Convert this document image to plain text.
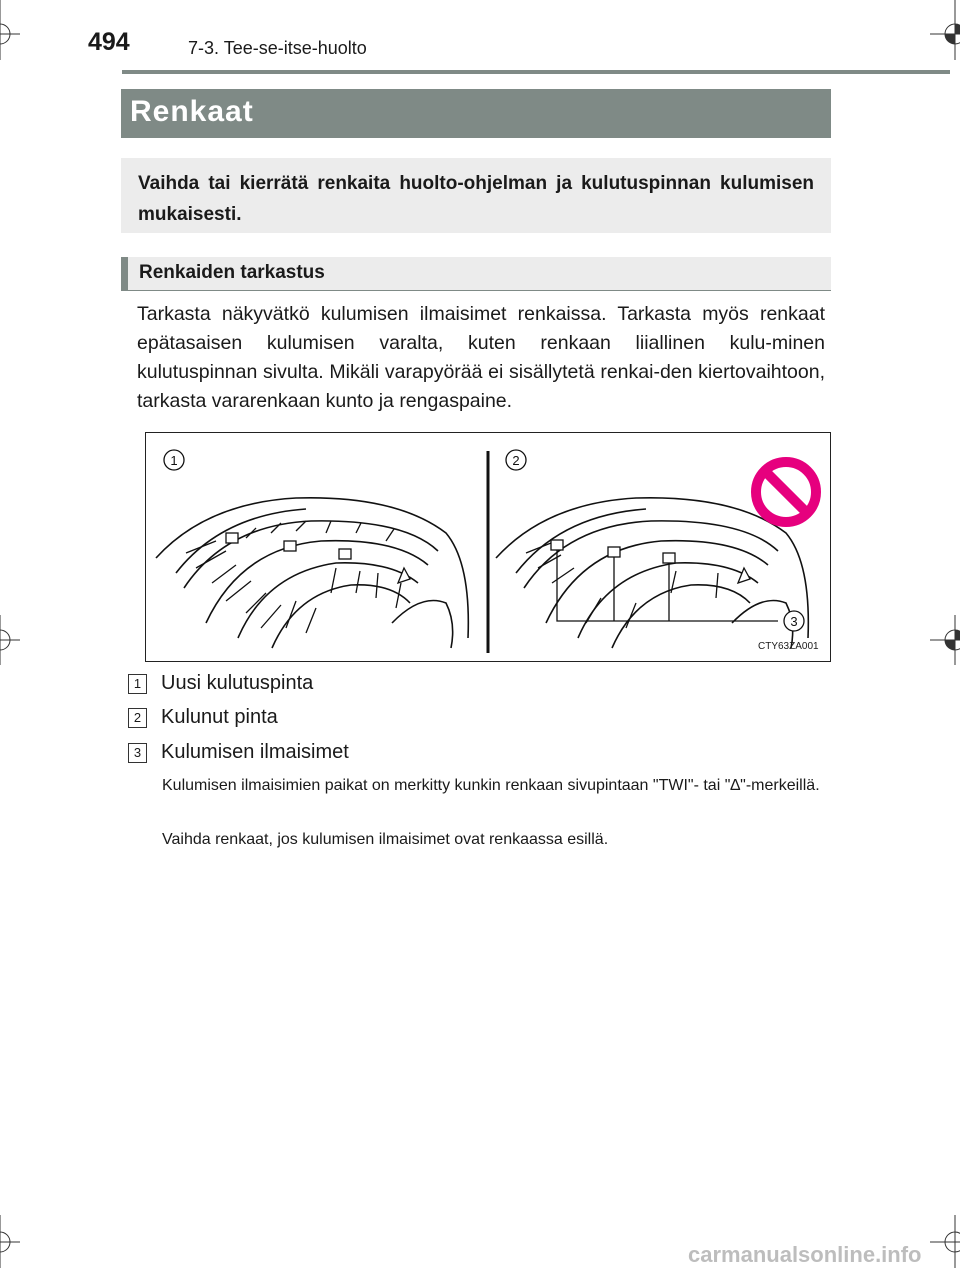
494	7-3. Tee-se-itse-huolto
Renkaat
Vaihda tai kierrätä renkaita huolto-ohjelman ja kulutuspinnan kulumisen mukaisesti.
Renkaiden tarkastus
Tarkasta näkyvätkö kulumisen ilmaisimet renkaissa. Tarkasta myös renkaat epätasaisen kulumisen varalta, kuten renkaan liiallinen kulu-minen kulutuspinnan sivulta. Mikäli varapyörää ei sisällytetä renkai-den kiertovaihtoon, tarkasta vararenkaan kunto ja rengaspaine.
1	2
3
CTY63ZA001
1 Uusi kulutuspinta
2 Kulunut pinta
3 Kulumisen ilmaisimet
Kulumisen ilmaisimien paikat on merkitty kunkin renkaan sivupintaan "TWI"- tai "∆"-merkeillä.
Vaihda renkaat, jos kulumisen ilmaisimet ovat renkaassa esillä.
carmanualsonline.info
